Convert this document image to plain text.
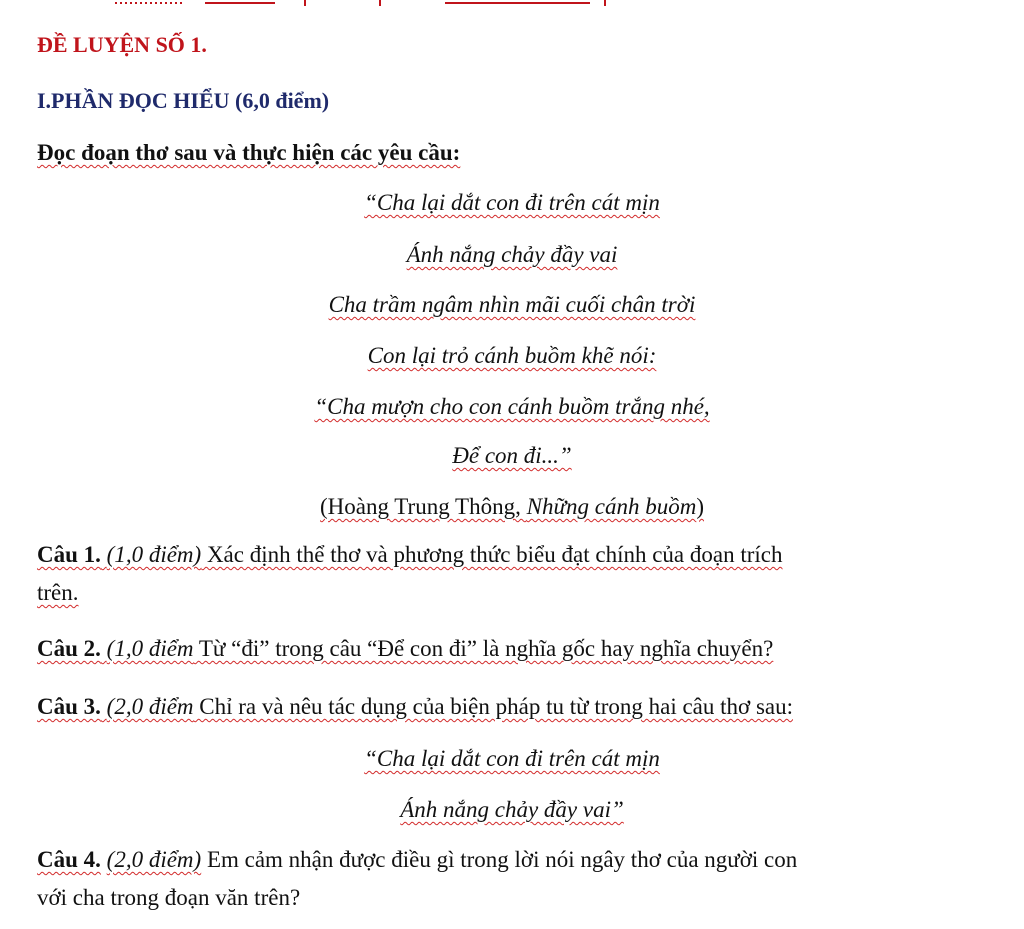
ĐỀ LUYỆN SỐ 1.
I.PHẦN ĐỌC HIỂU (6,0 điểm)
Đọc đoạn thơ sau và thực hiện các yêu cầu:
“Cha lại dắt con đi trên cát mịn
Ánh nắng chảy đầy vai
Cha trầm ngâm nhìn mãi cuối chân trời
Con lại trỏ cánh buồm khẽ nói:
“Cha mượn cho con cánh buồm trắng nhé,
Để con đi...”
(Hoàng Trung Thông, Những cánh buồm)
Câu 1. (1,0 điểm) Xác định thể thơ và phương thức biểu đạt chính của đoạn trích
trên.
Câu 2. (1,0 điểm Từ “đi” trong câu “Để con đi” là nghĩa gốc hay nghĩa chuyển?
Câu 3. (2,0 điểm Chỉ ra và nêu tác dụng của biện pháp tu từ trong hai câu thơ sau:
“Cha lại dắt con đi trên cát mịn
Ánh nắng chảy đầy vai”
Câu 4. (2,0 điểm) Em cảm nhận được điều gì trong lời nói ngây thơ của người con
với cha trong đoạn văn trên?
